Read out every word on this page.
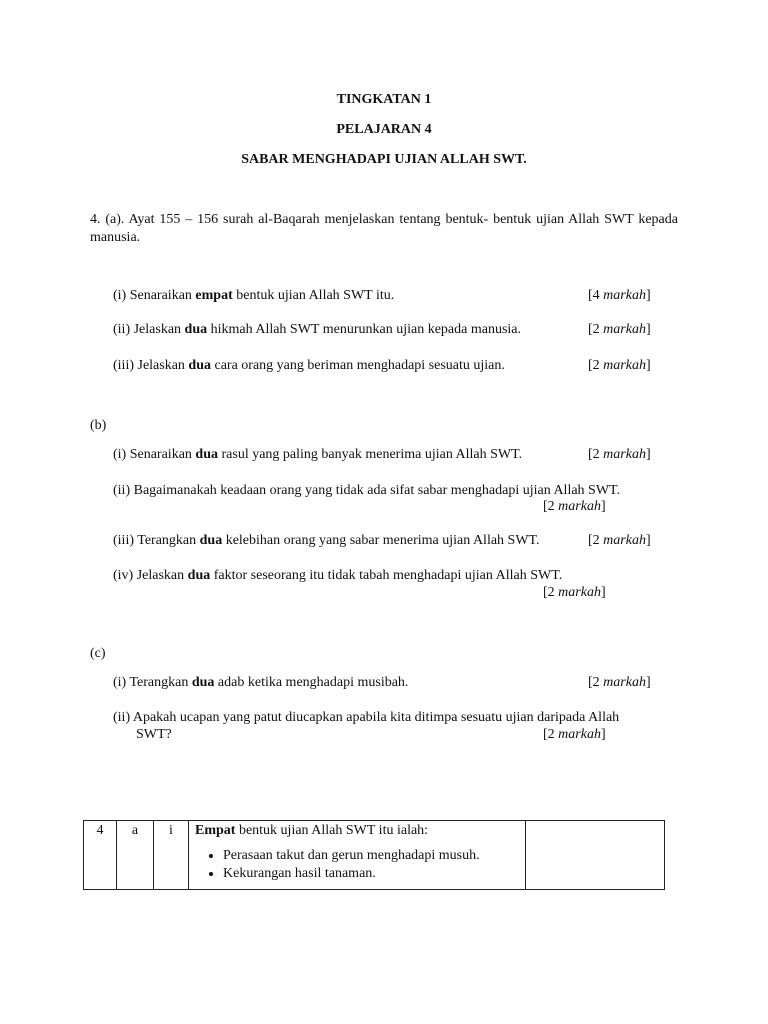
TINGKATAN 1
PELAJARAN 4
SABAR MENGHADAPI UJIAN ALLAH SWT.
4. (a). Ayat 155 – 156 surah al-Baqarah menjelaskan tentang bentuk- bentuk ujian Allah SWT kepada manusia.
(i) Senaraikan empat bentuk ujian Allah SWT itu.	[4 markah]
(ii) Jelaskan dua hikmah Allah SWT menurunkan ujian kepada manusia.	[2 markah]
(iii) Jelaskan dua cara orang yang beriman menghadapi sesuatu ujian.	[2 markah]
(b)
(i) Senaraikan dua rasul yang paling banyak menerima ujian Allah SWT.	[2 markah]
(ii) Bagaimanakah keadaan orang yang tidak ada sifat sabar menghadapi ujian Allah SWT.
[2 markah]
(iii) Terangkan dua kelebihan orang yang sabar menerima ujian Allah SWT.	[2 markah]
(iv) Jelaskan dua faktor seseorang itu tidak tabah menghadapi ujian Allah SWT.
[2 markah]
(c)
(i) Terangkan dua adab ketika menghadapi musibah.	[2 markah]
(ii) Apakah ucapan yang patut diucapkan apabila kita ditimpa sesuatu ujian daripada Allah
SWT?	[2 markah]
4	a	i	Empat bentuk ujian Allah SWT itu ialah:
• Perasaan takut dan gerun menghadapi musuh.
• Kekurangan hasil tanaman.
